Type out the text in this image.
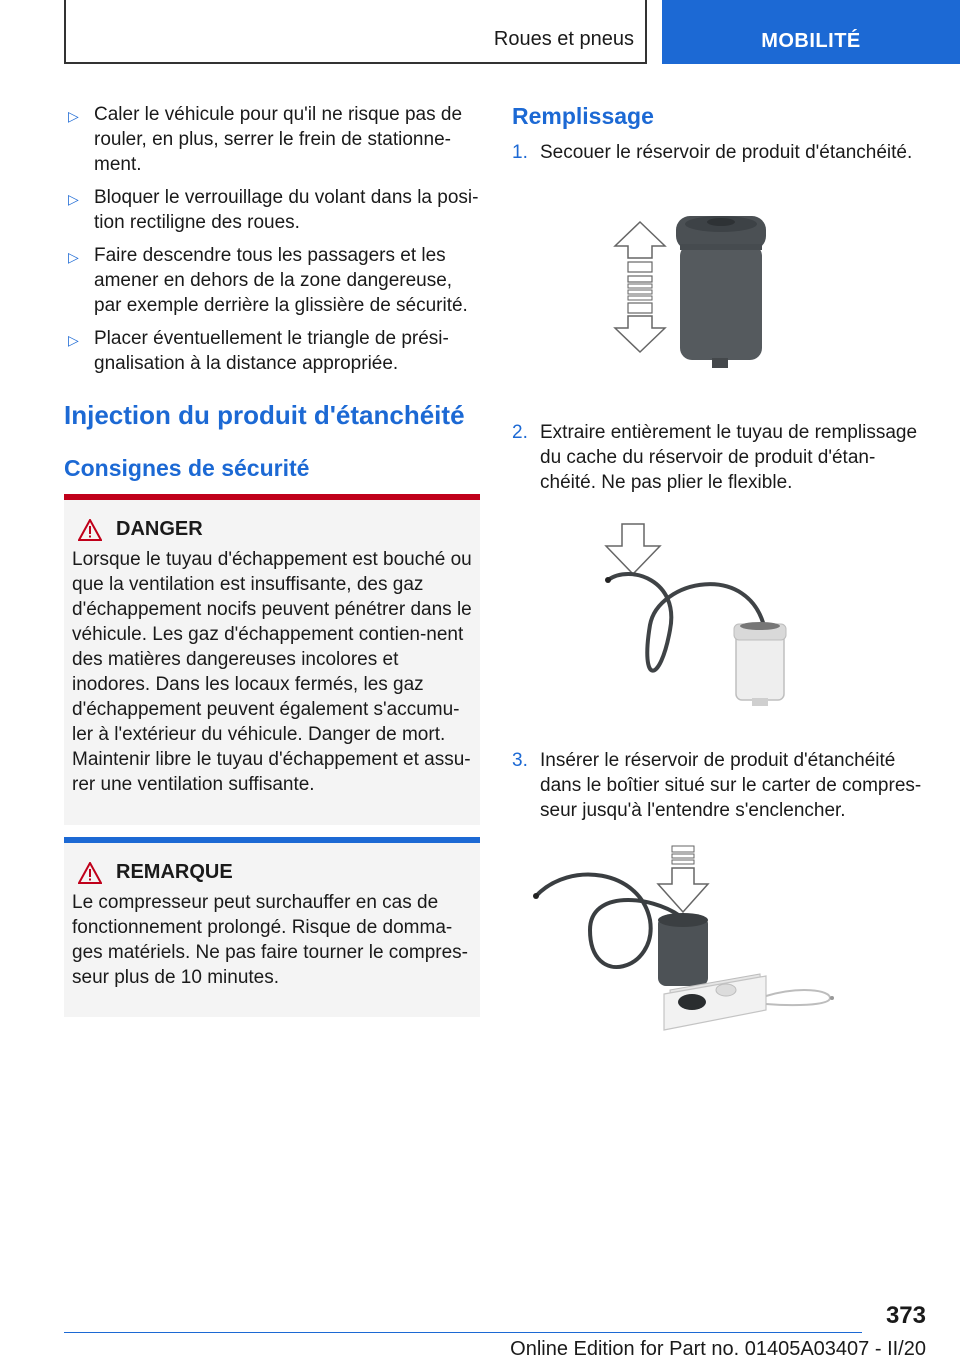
Roues et pneus	MOBILITÉ
▷ Caler le véhicule pour qu'il ne risque pas de rouler, en plus, serrer le frein de stationne-ment.
▷ Bloquer le verrouillage du volant dans la posi-tion rectiligne des roues.
▷ Faire descendre tous les passagers et les amener en dehors de la zone dangereuse, par exemple derrière la glissière de sécurité.
▷ Placer éventuellement le triangle de prési-gnalisation à la distance appropriée.
Injection du produit d'étanchéité
Consignes de sécurité
DANGER
Lorsque le tuyau d'échappement est bouché ou que la ventilation est insuffisante, des gaz d'échappement nocifs peuvent pénétrer dans le véhicule. Les gaz d'échappement contien-nent des matières dangereuses incolores et inodores. Dans les locaux fermés, les gaz d'échappement peuvent également s'accumu-ler à l'extérieur du véhicule. Danger de mort. Maintenir libre le tuyau d'échappement et assu-rer une ventilation suffisante.
REMARQUE
Le compresseur peut surchauffer en cas de fonctionnement prolongé. Risque de domma-ges matériels. Ne pas faire tourner le compres-seur plus de 10 minutes.
Remplissage
1. Secouer le réservoir de produit d'étanchéité.
2. Extraire entièrement le tuyau de remplissage du cache du réservoir de produit d'étan-chéité. Ne pas plier le flexible.
3. Insérer le réservoir de produit d'étanchéité dans le boîtier situé sur le carter de compres-seur jusqu'à l'entendre s'enclencher.
373
Online Edition for Part no. 01405A03407 - II/20
